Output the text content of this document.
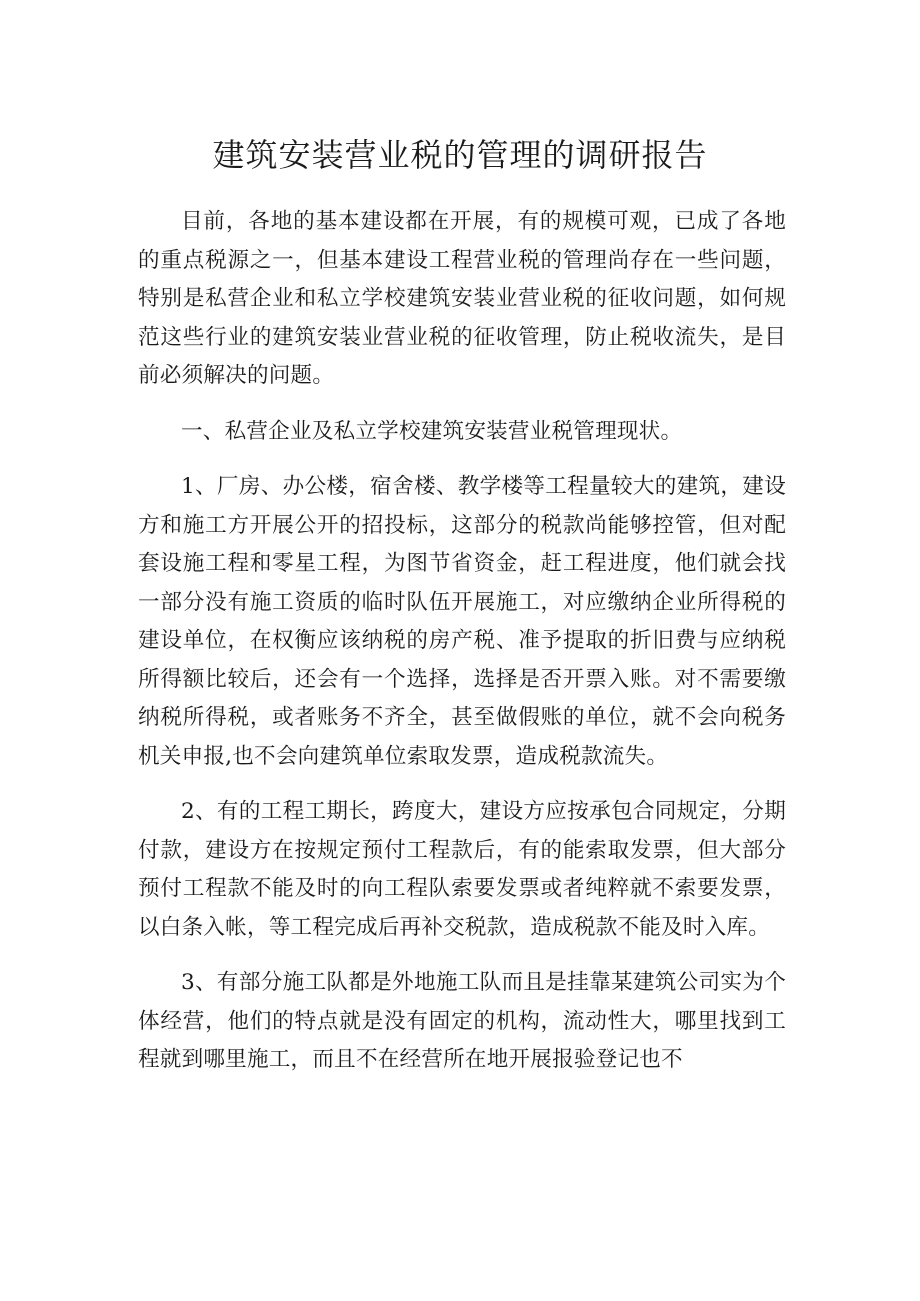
建筑安装营业税的管理的调研报告

目前，各地的基本建设都在开展，有的规模可观，已成了各地的重点税源之一，但基本建设工程营业税的管理尚存在一些问题，特别是私营企业和私立学校建筑安装业营业税的征收问题，如何规范这些行业的建筑安装业营业税的征收管理，防止税收流失，是目前必须解决的问题。

一、私营企业及私立学校建筑安装营业税管理现状。

1、厂房、办公楼，宿舍楼、教学楼等工程量较大的建筑，建设方和施工方开展公开的招投标，这部分的税款尚能够控管，但对配套设施工程和零星工程，为图节省资金，赶工程进度，他们就会找一部分没有施工资质的临时队伍开展施工，对应缴纳企业所得税的建设单位，在权衡应该纳税的房产税、准予提取的折旧费与应纳税所得额比较后，还会有一个选择，选择是否开票入账。对不需要缴纳税所得税，或者账务不齐全，甚至做假账的单位，就不会向税务机关申报,也不会向建筑单位索取发票，造成税款流失。

2、有的工程工期长，跨度大，建设方应按承包合同规定，分期付款，建设方在按规定预付工程款后，有的能索取发票，但大部分预付工程款不能及时的向工程队索要发票或者纯粹就不索要发票，以白条入帐，等工程完成后再补交税款，造成税款不能及时入库。

3、有部分施工队都是外地施工队而且是挂靠某建筑公司实为个体经营，他们的特点就是没有固定的机构，流动性大，哪里找到工程就到哪里施工，而且不在经营所在地开展报验登记也不
